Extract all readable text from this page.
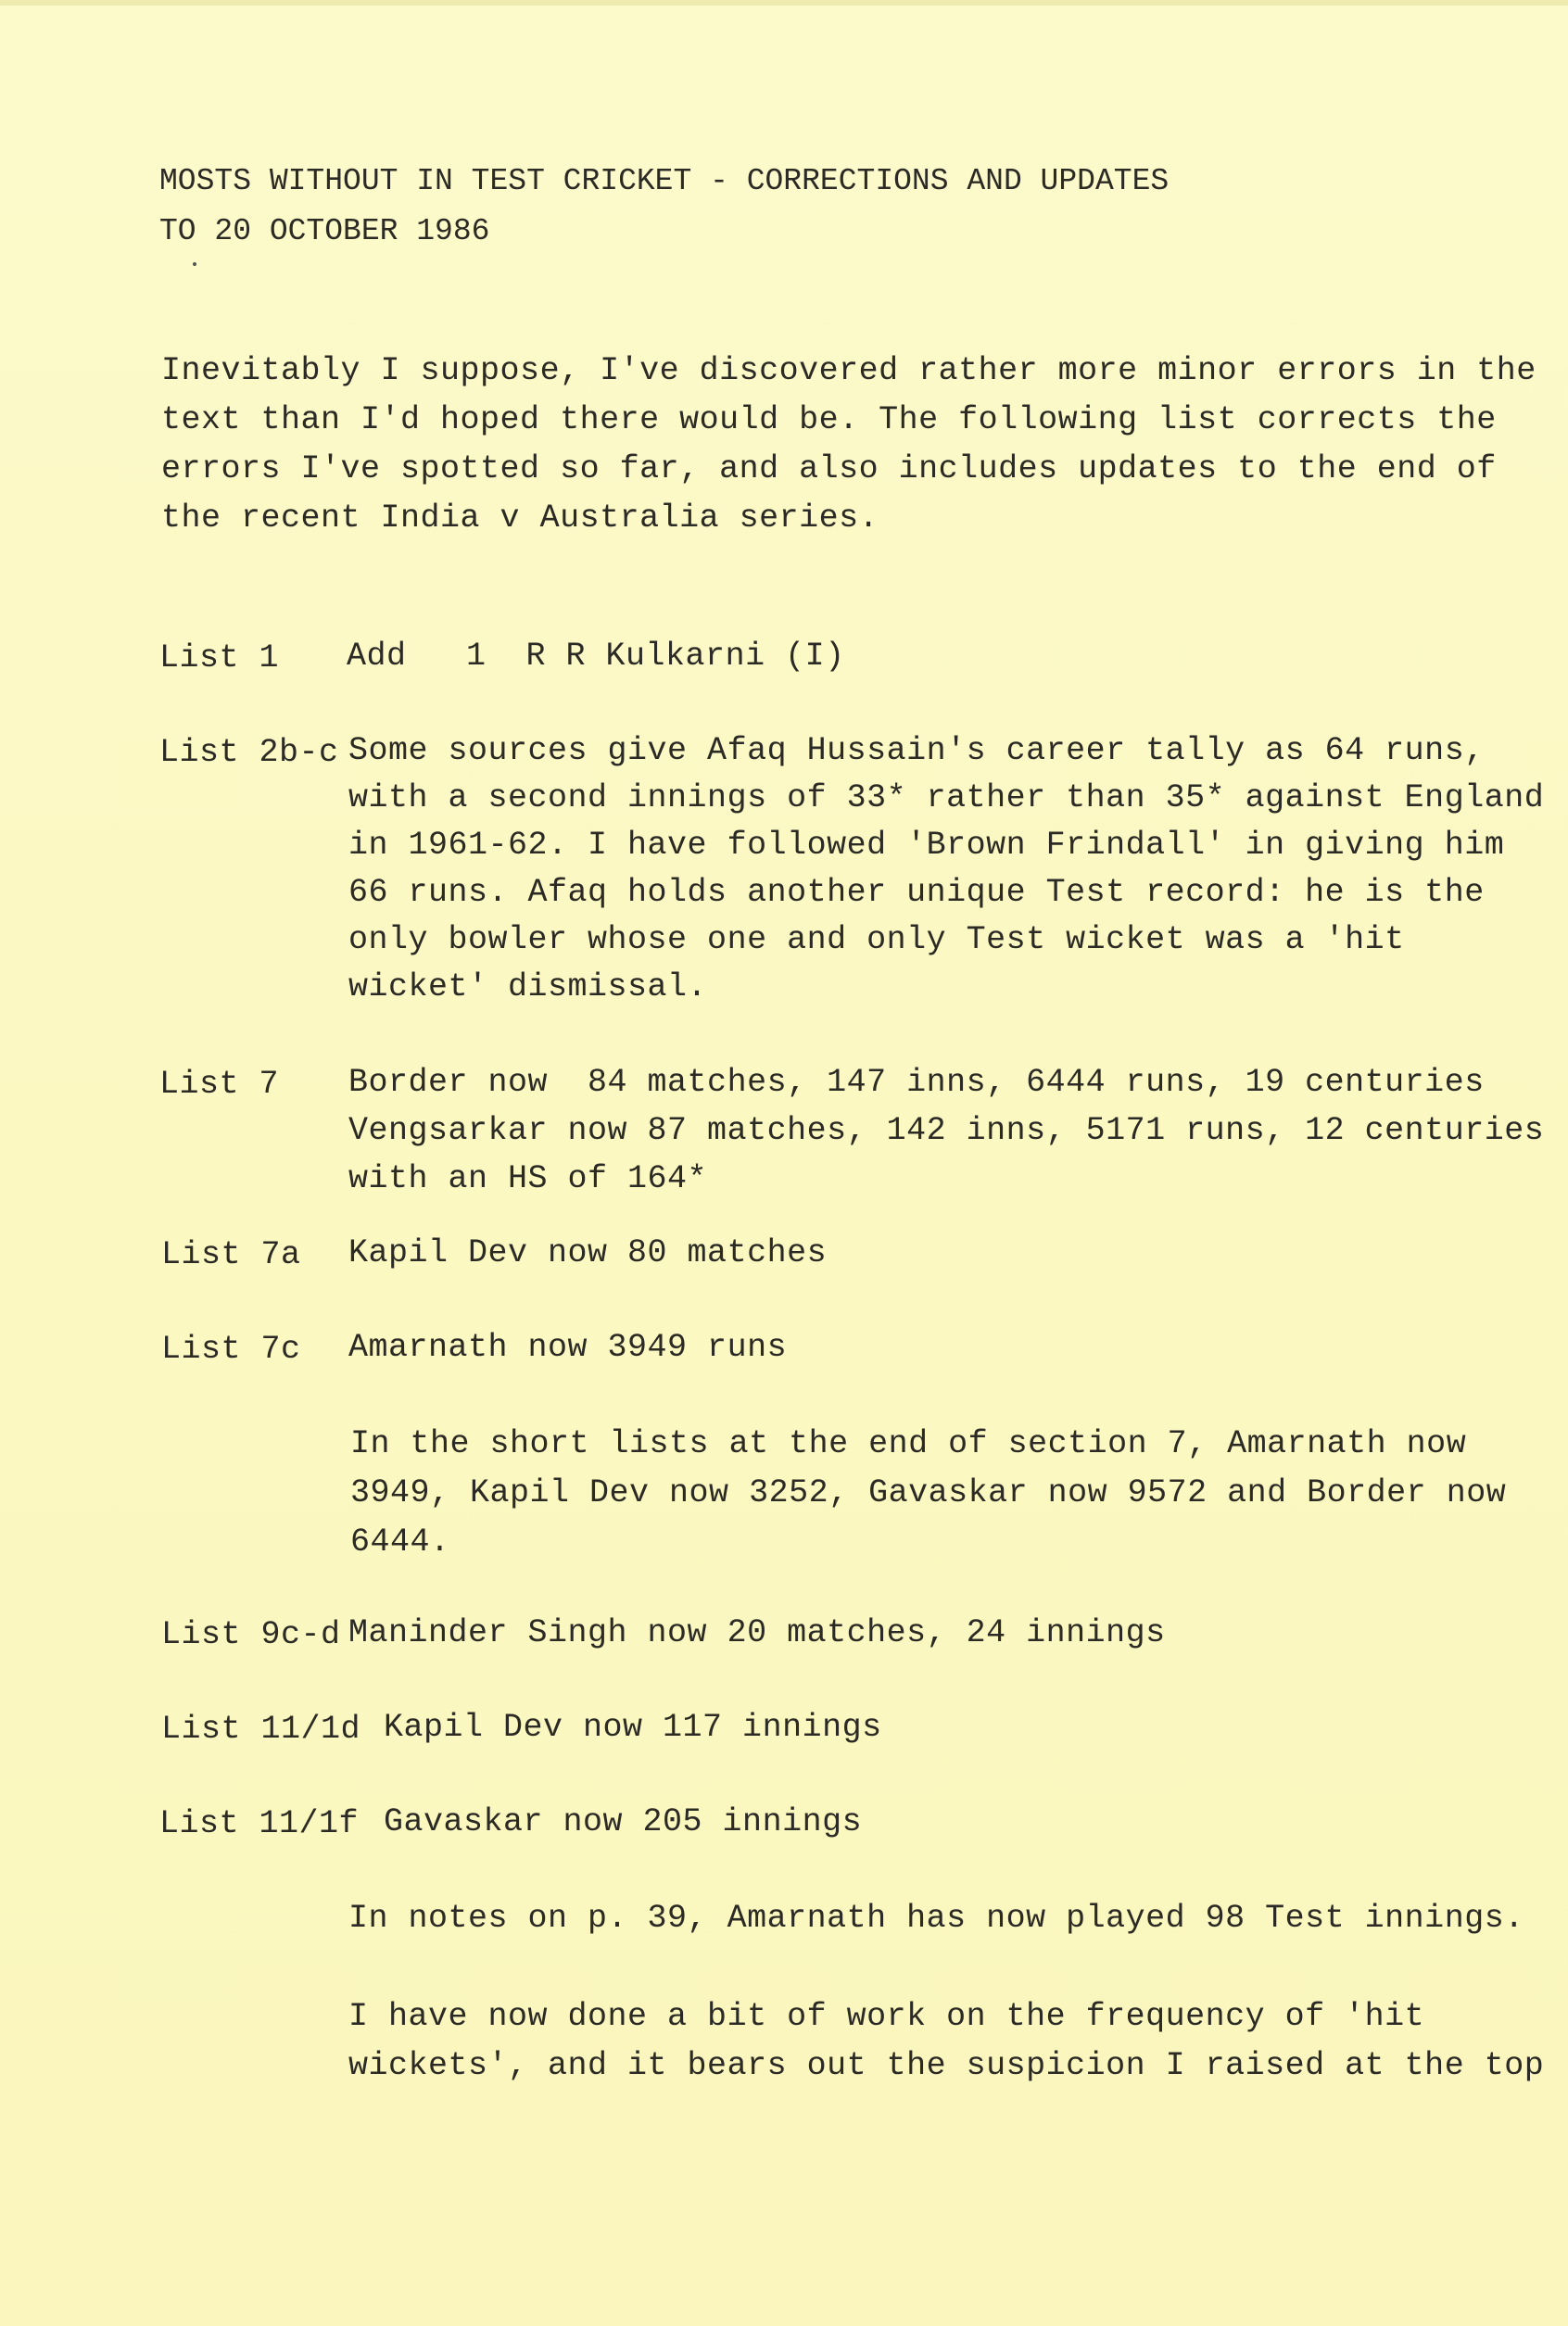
MOSTS WITHOUT IN TEST CRICKET - CORRECTIONS AND UPDATES
TO 20 OCTOBER 1986
Inevitably I suppose, I've discovered rather more minor errors in the
text than I'd hoped there would be. The following list corrects the
errors I've spotted so far, and also includes updates to the end of
the recent India v Australia series.
List 1 Add   1  R R Kulkarni (I)
List 2b-c Some sources give Afaq Hussain's career tally as 64 runs,
with a second innings of 33* rather than 35* against England
in 1961-62. I have followed 'Brown Frindall' in giving him
66 runs. Afaq holds another unique Test record: he is the
only bowler whose one and only Test wicket was a 'hit
wicket' dismissal.
List 7 Border now  84 matches, 147 inns, 6444 runs, 19 centuries
Vengsarkar now 87 matches, 142 inns, 5171 runs, 12 centuries
with an HS of 164*
List 7a Kapil Dev now 80 matches
List 7c Amarnath now 3949 runs
In the short lists at the end of section 7, Amarnath now
3949, Kapil Dev now 3252, Gavaskar now 9572 and Border now
6444.
List 9c-d Maninder Singh now 20 matches, 24 innings
List 11/1d Kapil Dev now 117 innings
List 11/1f Gavaskar now 205 innings
In notes on p. 39, Amarnath has now played 98 Test innings.
I have now done a bit of work on the frequency of 'hit
wickets', and it bears out the suspicion I raised at the top
